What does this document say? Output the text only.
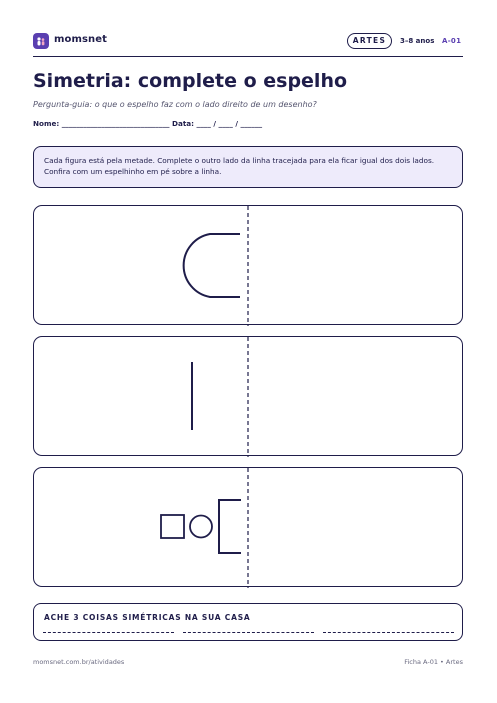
momsnet	ARTES	3–8 anos A-01
Simetria: complete o espelho

Pergunta-guia: o que o espelho faz com o lado direito de um desenho?

Nome: ______________________________ Data: ____ / ____ / ______

Cada figura está pela metade. Complete o outro lado da linha tracejada para ela ficar igual dos dois lados. Confira com um espelhinho em pé sobre a linha.
ACHE 3 COISAS SIMÉTRICAS NA SUA CASA
momsnet.com.br/atividades	Ficha A-01 • Artes
